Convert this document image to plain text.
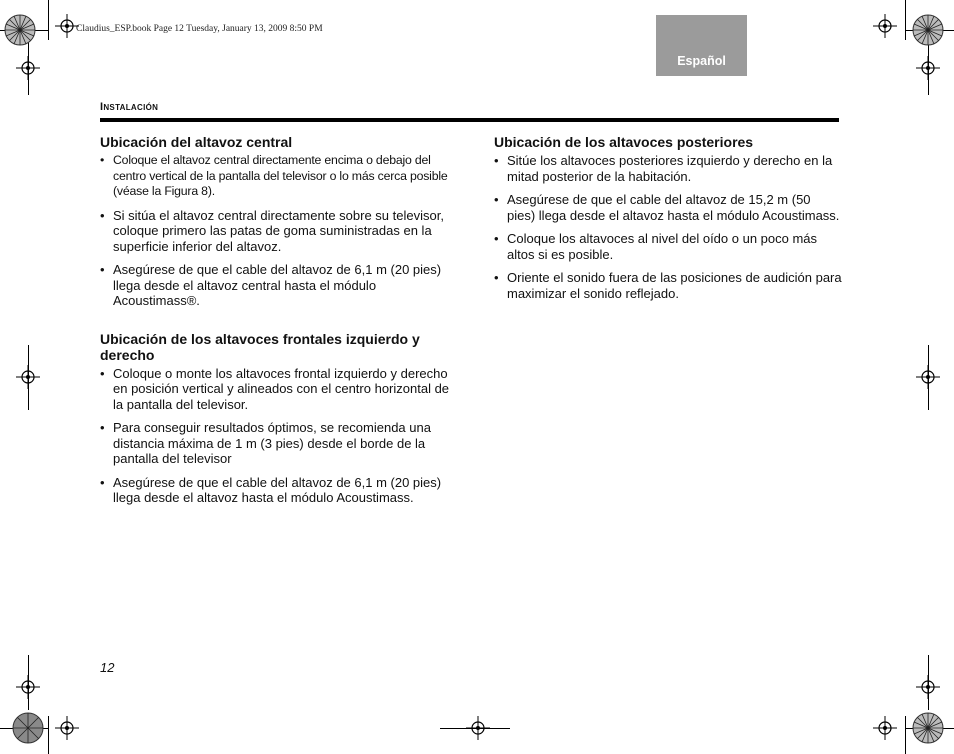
Claudius_ESP.book Page 12 Tuesday, January 13, 2009 8:50 PM
Español
Instalación
Ubicación del altavoz central
• Coloque el altavoz central directamente encima o debajo del centro vertical de la pantalla del televisor o lo más cerca posible (véase la Figura 8).
• Si sitúa el altavoz central directamente sobre su televisor, coloque primero las patas de goma suministradas en la superficie inferior del altavoz.
• Asegúrese de que el cable del altavoz de 6,1 m (20 pies) llega desde el altavoz central hasta el módulo Acoustimass®.
Ubicación de los altavoces frontales izquierdo y derecho
• Coloque o monte los altavoces frontal izquierdo y derecho en posición vertical y alineados con el centro horizontal de la pantalla del televisor.
• Para conseguir resultados óptimos, se recomienda una distancia máxima de 1 m (3 pies) desde el borde de la pantalla del televisor
• Asegúrese de que el cable del altavoz de 6,1 m (20 pies) llega desde el altavoz hasta el módulo Acoustimass.
Ubicación de los altavoces posteriores
• Sitúe los altavoces posteriores izquierdo y derecho en la mitad posterior de la habitación.
• Asegúrese de que el cable del altavoz de 15,2 m (50 pies) llega desde el altavoz hasta el módulo Acoustimass.
• Coloque los altavoces al nivel del oído o un poco más altos si es posible.
• Oriente el sonido fuera de las posiciones de audición para maximizar el sonido reflejado.
12
